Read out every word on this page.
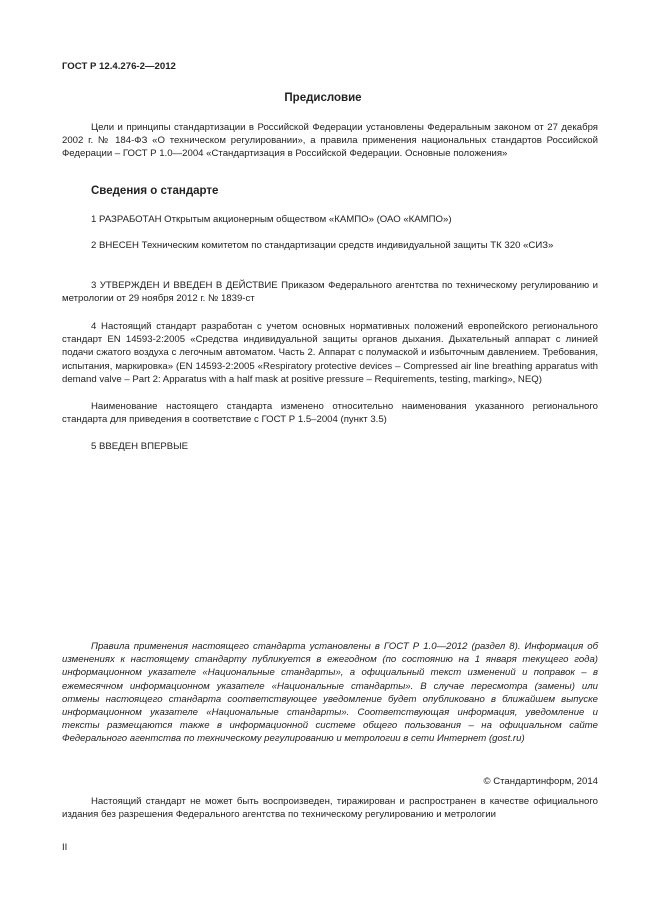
ГОСТ Р 12.4.276-2—2012
Предисловие

Цели и принципы стандартизации в Российской Федерации установлены Федеральным законом от 27 декабря 2002 г. № 184-ФЗ «О техническом регулировании», а правила применения национальных стандартов Российской Федерации – ГОСТ Р 1.0—2004 «Стандартизация в Российской Федерации. Основные положения»

Сведения о стандарте

1 РАЗРАБОТАН Открытым акционерным обществом «КАМПО» (ОАО «КАМПО»)

2 ВНЕСЕН Техническим комитетом по стандартизации средств индивидуальной защиты ТК 320 «СИЗ»

3 УТВЕРЖДЕН И ВВЕДЕН В ДЕЙСТВИЕ Приказом Федерального агентства по техническому регулированию и метрологии от 29 ноября 2012 г. № 1839-ст

4 Настоящий стандарт разработан с учетом основных нормативных положений европейского регионального стандарт EN 14593-2:2005 «Средства индивидуальной защиты органов дыхания. Дыхательный аппарат с линией подачи сжатого воздуха с легочным автоматом. Часть 2. Аппарат с полумаской и избыточным давлением. Требования, испытания, маркировка» (EN 14593-2:2005 «Respiratory protective devices – Compressed air line breathing apparatus with demand valve – Part 2: Apparatus with a half mask at positive pressure – Requirements, testing, marking», NEQ)

Наименование настоящего стандарта изменено относительно наименования указанного регионального стандарта для приведения в соответствие с ГОСТ Р 1.5–2004 (пункт 3.5)

5 ВВЕДЕН ВПЕРВЫЕ

Правила применения настоящего стандарта установлены в ГОСТ Р 1.0—2012 (раздел 8). Информация об изменениях к настоящему стандарту публикуется в ежегодном (по состоянию на 1 января текущего года) информационном указателе «Национальные стандарты», а официальный текст изменений и поправок – в ежемесячном информационном указателе «Национальные стандарты». В случае пересмотра (замены) или отмены настоящего стандарта соответствующее уведомление будет опубликовано в ближайшем выпуске информационном указателе «Национальные стандарты». Соответствующая информация, уведомление и тексты размещаются также в информационной системе общего пользования – на официальном сайте Федерального агентства по техническому регулированию и метрологии в сети Интернет (gost.ru)

© Стандартинформ, 2014

Настоящий стандарт не может быть воспроизведен, тиражирован и распространен в качестве официального издания без разрешения Федерального агентства по техническому регулированию и метрологии

II
